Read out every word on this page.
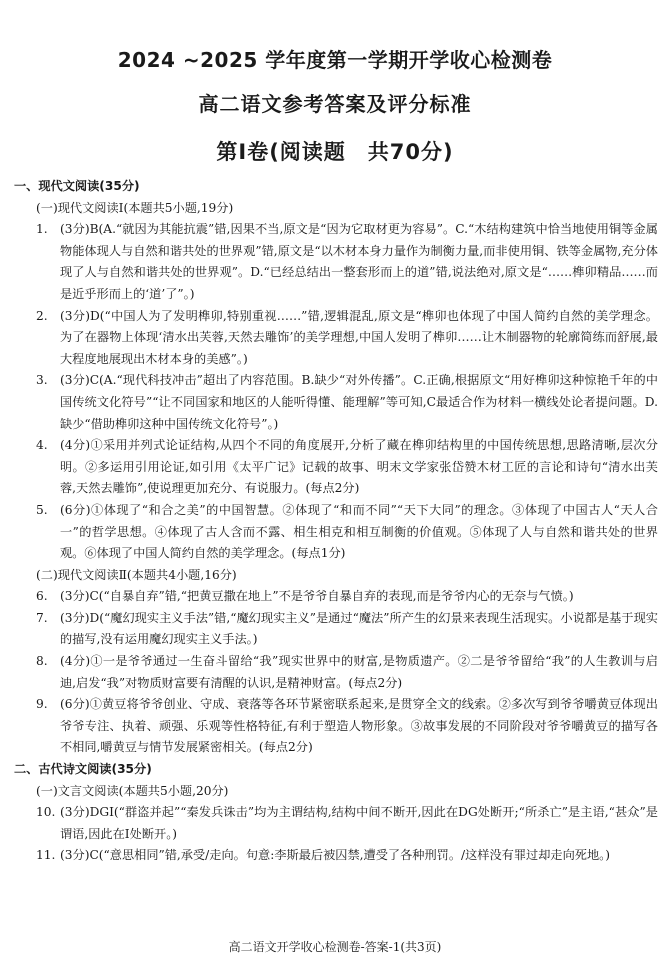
2024 ~2025 学年度第一学期开学收心检测卷
高二语文参考答案及评分标准
第Ⅰ卷(阅读题　共70分)
一、现代文阅读(35分)
(一)现代文阅读Ⅰ(本题共5小题,19分)
1. (3分)B(A.“就因为其能抗震”错,因果不当,原文是“因为它取材更为容易”。C.“木结构建筑中恰当地使用铜等金属物能体现人与自然和谐共处的世界观”错,原文是“以木材本身力量作为制衡力量,而非使用铜、铁等金属物,充分体现了人与自然和谐共处的世界观”。D.“已经总结出一整套形而上的道”错,说法绝对,原文是“……榫卯精品……而是近乎形而上的‘道’了”。)
2. (3分)D(“中国人为了发明榫卯,特别重视……”错,逻辑混乱,原文是“榫卯也体现了中国人简约自然的美学理念。为了在器物上体现‘清水出芙蓉,天然去雕饰’的美学理想,中国人发明了榫卯……让木制器物的轮廓简练而舒展,最大程度地展现出木材本身的美感”。)
3. (3分)C(A.“现代科技冲击”超出了内容范围。B.缺少“对外传播”。C.正确,根据原文“用好榫卯这种惊艳千年的中国传统文化符号”“让不同国家和地区的人能听得懂、能理解”等可知,C最适合作为材料一横线处论者提问题。D.缺少“借助榫卯这种中国传统文化符号”。)
4. (4分)①采用并列式论证结构,从四个不同的角度展开,分析了藏在榫卯结构里的中国传统思想,思路清晰,层次分明。②多运用引用论证,如引用《太平广记》记载的故事、明末文学家张岱赞木材工匠的言论和诗句“清水出芙蓉,天然去雕饰”,使说理更加充分、有说服力。(每点2分)
5. (6分)①体现了“和合之美”的中国智慧。②体现了“和而不同”“天下大同”的理念。③体现了中国古人“天人合一”的哲学思想。④体现了古人含而不露、相生相克和相互制衡的价值观。⑤体现了人与自然和谐共处的世界观。⑥体现了中国人简约自然的美学理念。(每点1分)
(二)现代文阅读Ⅱ(本题共4小题,16分)
6. (3分)C(“自暴自弃”错,“把黄豆撒在地上”不是爷爷自暴自弃的表现,而是爷爷内心的无奈与气愤。)
7. (3分)D(“魔幻现实主义手法”错,“魔幻现实主义”是通过“魔法”所产生的幻景来表现生活现实。小说都是基于现实的描写,没有运用魔幻现实主义手法。)
8. (4分)①一是爷爷通过一生奋斗留给“我”现实世界中的财富,是物质遗产。②二是爷爷留给“我”的人生教训与启迪,启发“我”对物质财富要有清醒的认识,是精神财富。(每点2分)
9. (6分)①黄豆将爷爷创业、守成、衰落等各环节紧密联系起来,是贯穿全文的线索。②多次写到爷爷嚼黄豆体现出爷爷专注、执着、顽强、乐观等性格特征,有利于塑造人物形象。③故事发展的不同阶段对爷爷嚼黄豆的描写各不相同,嚼黄豆与情节发展紧密相关。(每点2分)
二、古代诗文阅读(35分)
(一)文言文阅读(本题共5小题,20分)
10. (3分)DGI(“群盗并起”“秦发兵诛击”均为主谓结构,结构中间不断开,因此在DG处断开;“所杀亡”是主语,“甚众”是谓语,因此在I处断开。)
11. (3分)C(“意思相同”错,承受/走向。句意:李斯最后被囚禁,遭受了各种刑罚。/这样没有罪过却走向死地。)
高二语文开学收心检测卷-答案-1(共3页)
